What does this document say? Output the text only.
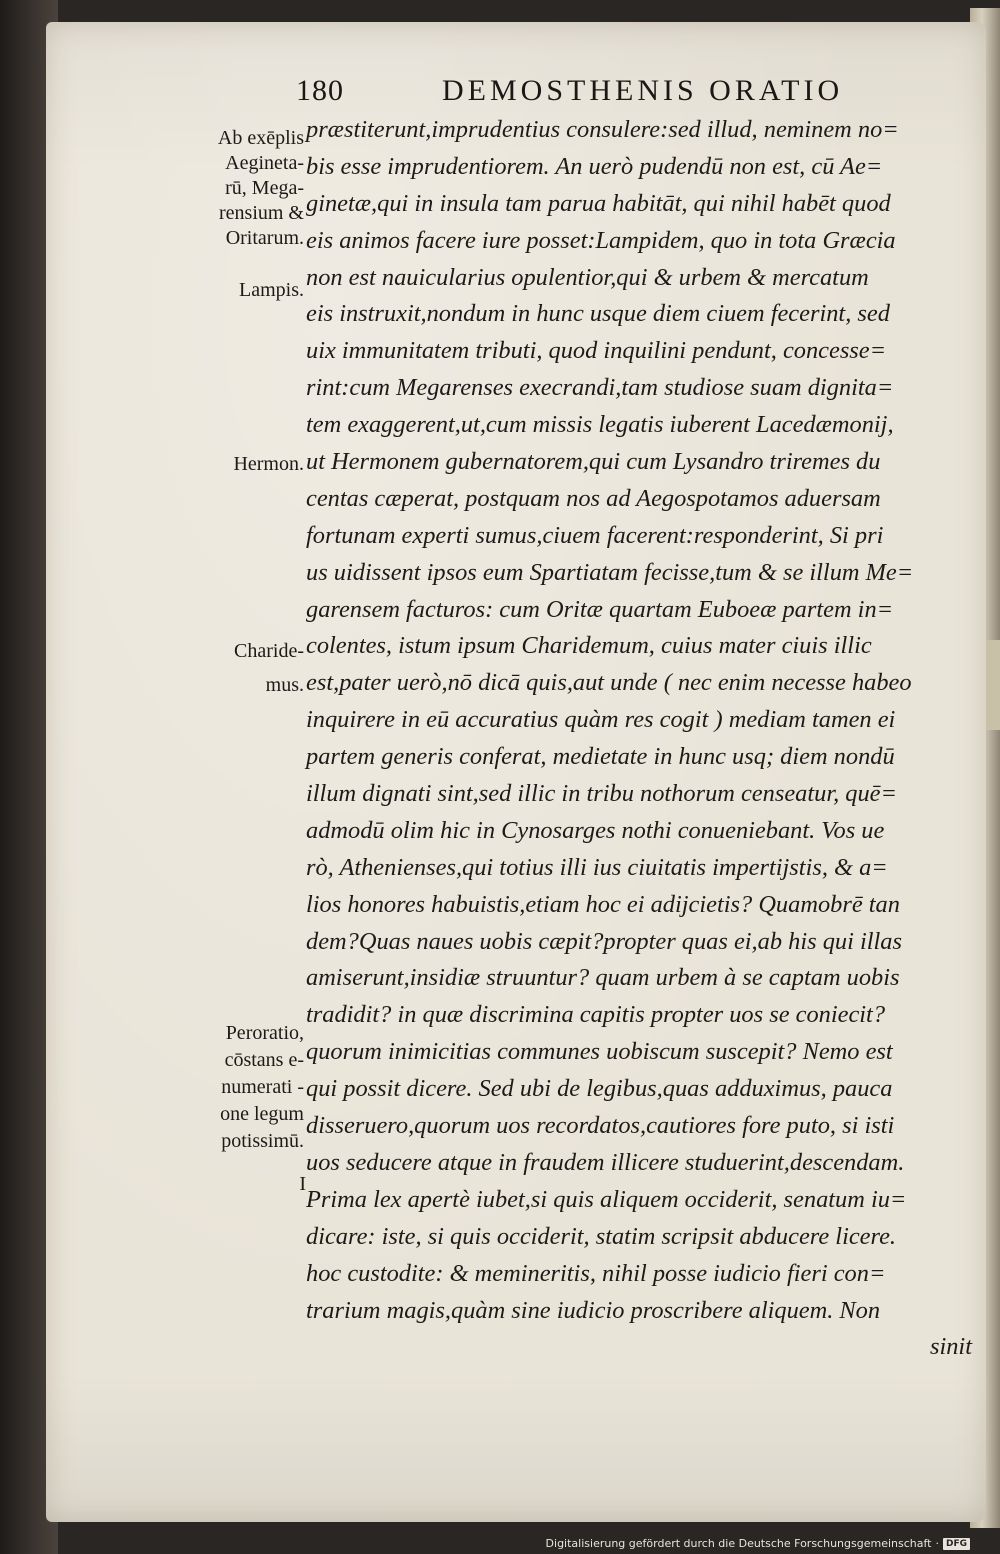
180	DEMOSTHENIS ORATIO
Ab exēplis
Aegineta-
rū, Mega-
rensium &
Oritarum.
Lampis.
Hermon.
Charide-
mus.
Peroratio,
cōstans e-
numerati -
one legum
potissimū.
I
præstiterunt,imprudentius consulere:sed illud, neminem no=
bis esse imprudentiorem. An uerò pudendū non est, cū Ae=
ginetæ,qui in insula tam parua habitāt, qui nihil habēt quod
eis animos facere iure posset:Lampidem, quo in tota Græcia
non est nauicularius opulentior,qui & urbem & mercatum
eis instruxit,nondum in hunc usque diem ciuem fecerint, sed
uix immunitatem tributi, quod inquilini pendunt, concesse=
rint:cum Megarenses execrandi,tam studiose suam dignita=
tem exaggerent,ut,cum missis legatis iuberent Lacedæmonij,
ut Hermonem gubernatorem,qui cum Lysandro triremes du
centas cæperat, postquam nos ad Aegospotamos aduersam
fortunam experti sumus,ciuem facerent:responderint, Si pri
us uidissent ipsos eum Spartiatam fecisse,tum & se illum Me=
garensem facturos: cum Oritæ quartam Euboeæ partem in=
colentes, istum ipsum Charidemum, cuius mater ciuis illic
est,pater uerò,nō dicā quis,aut unde ( nec enim necesse habeo
inquirere in eū accuratius quàm res cogit ) mediam tamen ei
partem generis conferat, medietate in hunc usq; diem nondū
illum dignati sint,sed illic in tribu nothorum censeatur, quē=
admodū olim hic in Cynosarges nothi conueniebant. Vos ue
rò, Athenienses,qui totius illi ius ciuitatis impertijstis, & a=
lios honores habuistis,etiam hoc ei adijcietis? Quamobrē tan
dem?Quas naues uobis cæpit?propter quas ei,ab his qui illas
amiserunt,insidiæ struuntur? quam urbem à se captam uobis
tradidit? in quæ discrimina capitis propter uos se coniecit?
quorum inimicitias communes uobiscum suscepit? Nemo est
qui possit dicere. Sed ubi de legibus,quas adduximus, pauca
disseruero,quorum uos recordatos,cautiores fore puto, si isti
uos seducere atque in fraudem illicere studuerint,descendam.
Prima lex apertè iubet,si quis aliquem occiderit, senatum iu=
dicare: iste, si quis occiderit, statim scripsit abducere licere.
hoc custodite: & memineritis, nihil posse iudicio fieri con=
trarium magis,quàm sine iudicio proscribere aliquem. Non
sinit
Digitalisierung gefördert durch die Deutsche Forschungsgemeinschaft · DFG
